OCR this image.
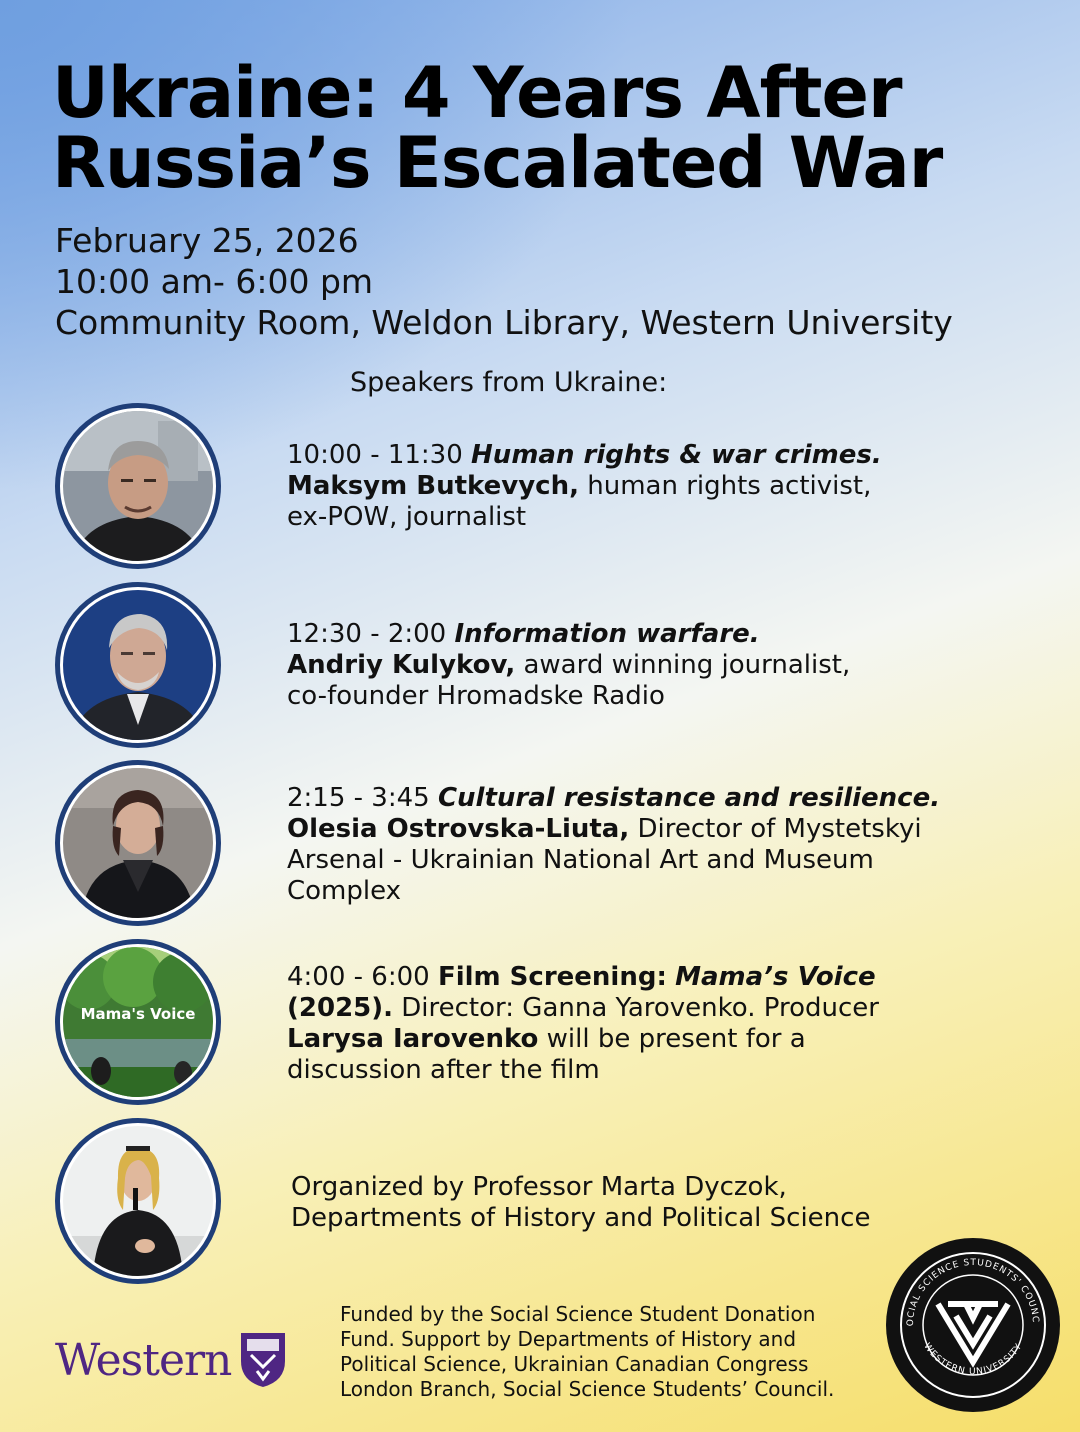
Ukraine: 4 Years After
Russia’s Escalated War
February 25, 2026
10:00 am- 6:00 pm
Community Room, Weldon Library, Western University
Speakers from Ukraine:
10:00 - 11:30 Human rights & war crimes.
Maksym Butkevych, human rights activist,
ex-POW, journalist
12:30 - 2:00 Information warfare.
Andriy Kulykov, award winning journalist,
co-founder Hromadske Radio
2:15 - 3:45 Cultural resistance and resilience.
Olesia Ostrovska-Liuta, Director of Mystetskyi
Arsenal - Ukrainian National Art and Museum
Complex
Mama's Voice
4:00 - 6:00 Film Screening: Mama’s Voice
(2025). Director: Ganna Yarovenko. Producer
Larysa Iarovenko will be present for a
discussion after the film
Organized by Professor Marta Dyczok,
Departments of History and Political Science
Western
Funded by the Social Science Student Donation
Fund. Support by Departments of History and
Political Science, Ukrainian Canadian Congress
London Branch, Social Science Students’ Council.
OCIAL SCIENCE STUDENTS' COUNC
WESTERN UNIVERSITY
